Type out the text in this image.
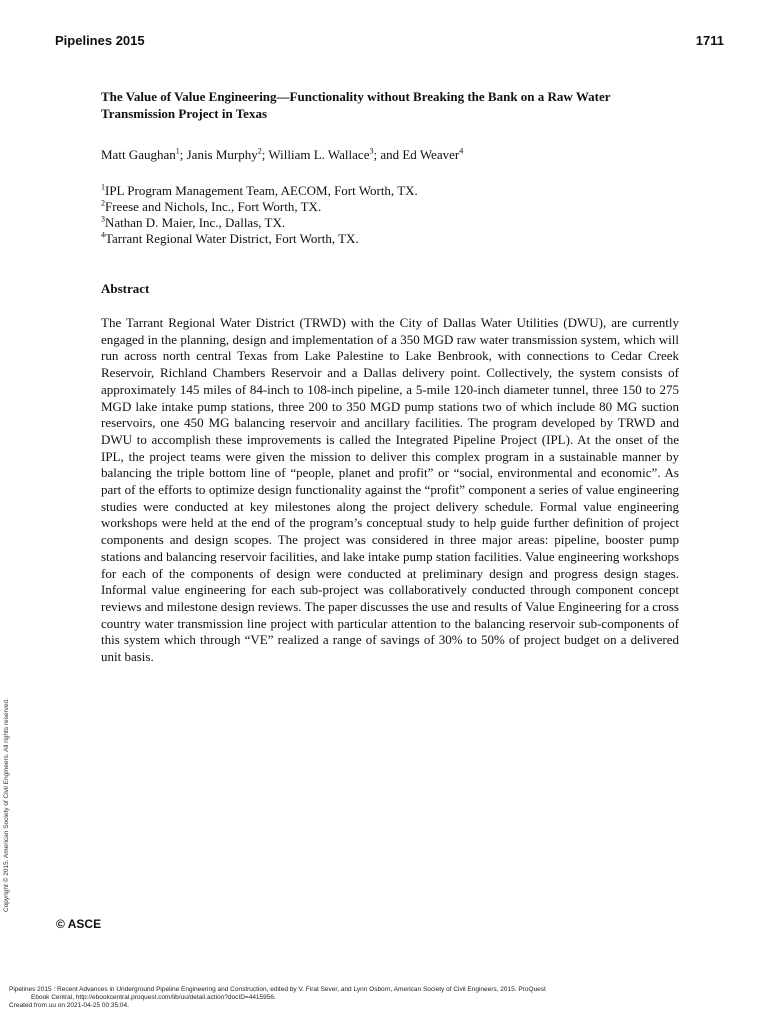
Pipelines 2015	1711

The Value of Value Engineering—Functionality without Breaking the Bank on a Raw Water Transmission Project in Texas

Matt Gaughan$^1$; Janis Murphy$^2$; William L. Wallace$^3$; and Ed Weaver$^4$
$^1$IPL Program Management Team, AECOM, Fort Worth, TX.
$^2$Freese and Nichols, Inc., Fort Worth, TX.
$^3$Nathan D. Maier, Inc., Dallas, TX.
$^4$Tarrant Regional Water District, Fort Worth, TX.
Abstract
The Tarrant Regional Water District (TRWD) with the City of Dallas Water Utilities (DWU), are currently engaged in the planning, design and implementation of a 350 MGD raw water transmission system, which will run across north central Texas from Lake Palestine to Lake Benbrook, with connections to Cedar Creek Reservoir, Richland Chambers Reservoir and a Dallas delivery point. Collectively, the system consists of approximately 145 miles of 84-inch to 108-inch pipeline, a 5-mile 120-inch diameter tunnel, three 150 to 275 MGD lake intake pump stations, three 200 to 350 MGD pump stations two of which include 80 MG suction reservoirs, one 450 MG balancing reservoir and ancillary facilities. The program developed by TRWD and DWU to accomplish these improvements is called the Integrated Pipeline Project (IPL). At the onset of the IPL, the project teams were given the mission to deliver this complex program in a sustainable manner by balancing the triple bottom line of “people, planet and profit” or “social, environmental and economic”. As part of the efforts to optimize design functionality against the “profit” component a series of value engineering studies were conducted at key milestones along the project delivery schedule. Formal value engineering workshops were held at the end of the program’s conceptual study to help guide further definition of project components and design scopes. The project was considered in three major areas: pipeline, booster pump stations and balancing reservoir facilities, and lake intake pump station facilities. Value engineering workshops for each of the components of design were conducted at preliminary design and progress design stages. Informal value engineering for each sub-project was collaboratively conducted through component concept reviews and milestone design reviews. The paper discusses the use and results of Value Engineering for a cross country water transmission line project with particular attention to the balancing reservoir sub-components of this system which through “VE” realized a range of savings of 30% to 50% of project budget on a delivered unit basis.
Copyright © 2015. American Society of Civil Engineers. All rights reserved.
© ASCE
Pipelines 2015 : Recent Advances in Underground Pipeline Engineering and Construction, edited by V. Firat Sever, and Lynn Osborn, American Society of Civil Engineers, 2015. ProQuest
Ebook Central, http://ebookcentral.proquest.com/lib/uu/detail.action?docID=4415956.
Created from uu on 2021-04-25 00:35:04.
